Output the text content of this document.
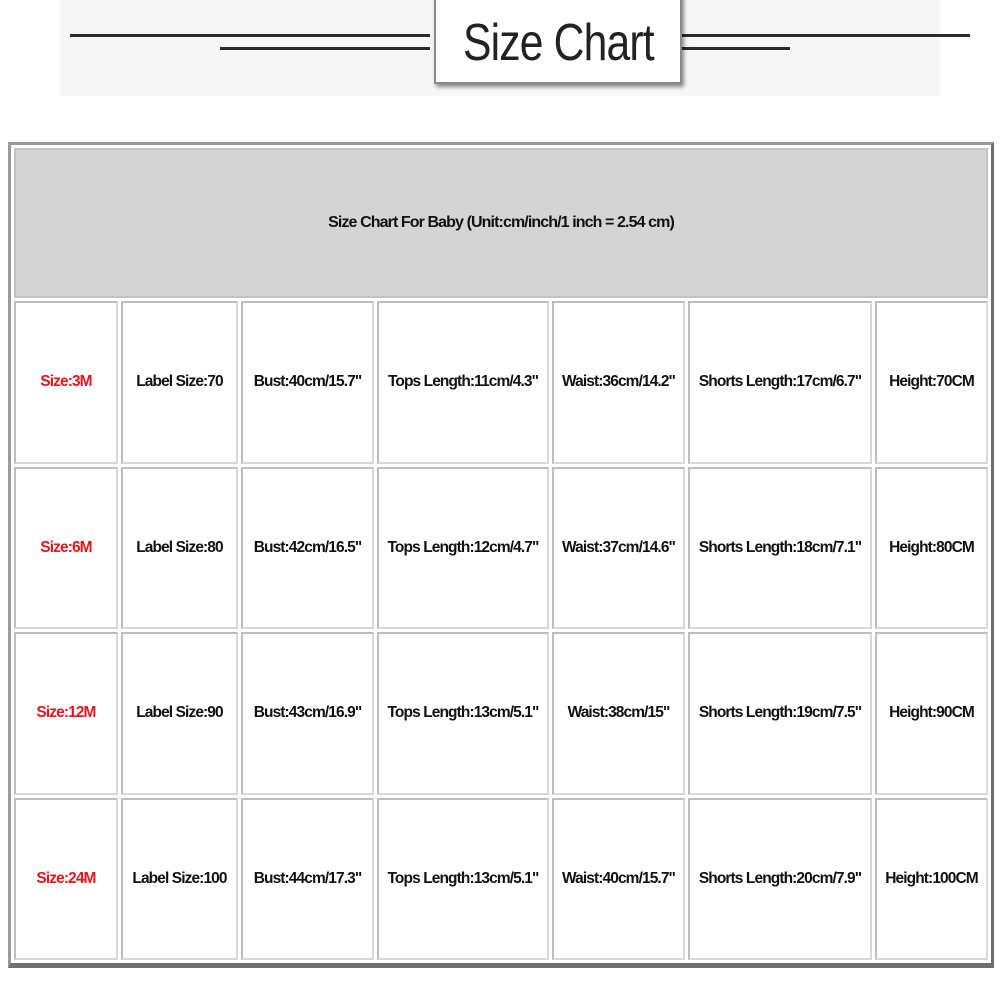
Size Chart
Size Chart For Baby (Unit:cm/inch/1 inch = 2.54 cm)						
Size:3M	Label Size:70	Bust:40cm/15.7"	Tops Length:11cm/4.3"	Waist:36cm/14.2"	Shorts Length:17cm/6.7"	Height:70CM
Size:6M	Label Size:80	Bust:42cm/16.5"	Tops Length:12cm/4.7"	Waist:37cm/14.6"	Shorts Length:18cm/7.1"	Height:80CM
Size:12M	Label Size:90	Bust:43cm/16.9"	Tops Length:13cm/5.1"	Waist:38cm/15"	Shorts Length:19cm/7.5"	Height:90CM
Size:24M	Label Size:100	Bust:44cm/17.3"	Tops Length:13cm/5.1"	Waist:40cm/15.7"	Shorts Length:20cm/7.9"	Height:100CM
